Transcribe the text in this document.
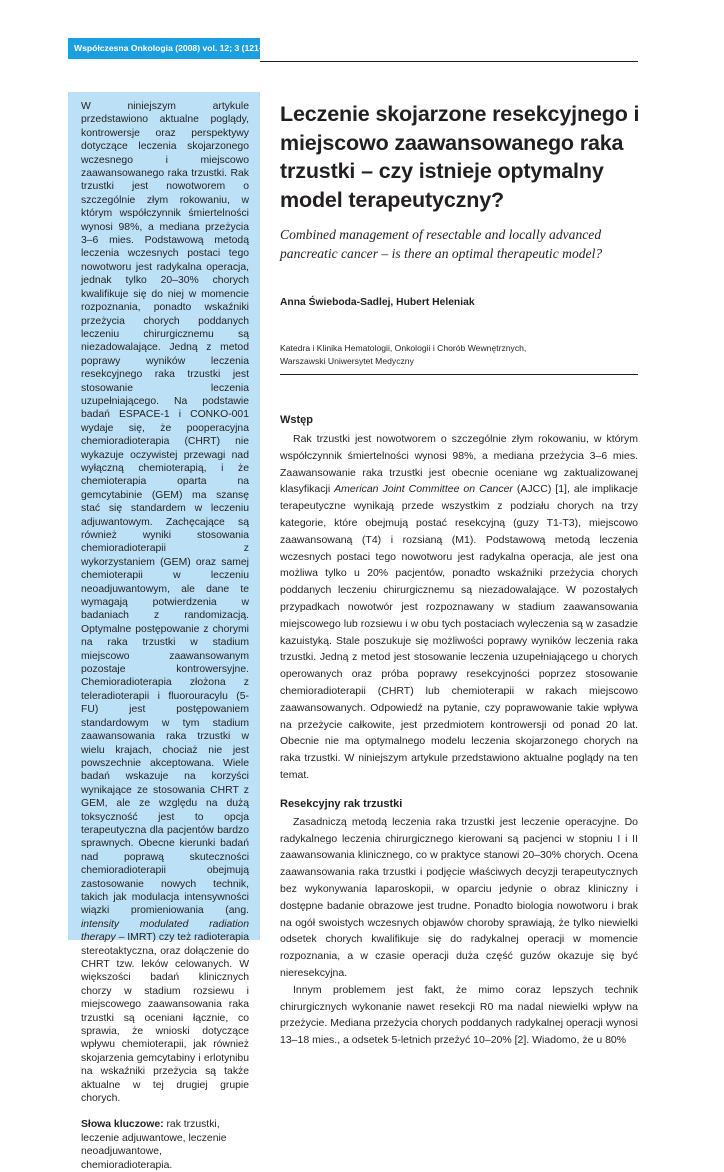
Współczesna Onkologia (2008) vol. 12; 3 (121–127)

W niniejszym artykule przedstawiono aktualne poglądy, kontrowersje oraz perspektywy dotyczące leczenia skojarzonego wczesnego i miejscowo zaawansowanego raka trzustki. Rak trzustki jest nowotworem o szczególnie złym rokowaniu, w którym współczynnik śmiertelności wynosi 98%, a mediana przeżycia 3–6 mies. Podstawową metodą leczenia wczesnych postaci tego nowotworu jest radykalna operacja, jednak tylko 20–30% chorych kwalifikuje się do niej w momencie rozpoznania, ponadto wskaźniki przeżycia chorych poddanych leczeniu chirurgicznemu są niezadowalające. Jedną z metod poprawy wyników leczenia resekcyjnego raka trzustki jest stosowanie leczenia uzupełniającego. Na podstawie badań ESPACE-1 i CONKO-001 wydaje się, że pooperacyjna chemioradioterapia (CHRT) nie wykazuje oczywistej przewagi nad wyłączną chemioterapią, i że chemioterapia oparta na gemcytabinie (GEM) ma szansę stać się standardem w leczeniu adjuwantowym. Zachęcające są również wyniki stosowania chemioradioterapii z wykorzystaniem (GEM) oraz samej chemioterapii w leczeniu neoadjuwantowym, ale dane te wymagają potwierdzenia w badaniach z randomizacją. Optymalne postępowanie z chorymi na raka trzustki w stadium miejscowo zaawansowanym pozostaje kontrowersyjne. Chemioradioterapia złożona z teleradioterapii i fluorouracylu (5-FU) jest postępowaniem standardowym w tym stadium zaawansowania raka trzustki w wielu krajach, chociaż nie jest powszechnie akceptowana. Wiele badań wskazuje na korzyści wynikające ze stosowania CHRT z GEM, ale ze względu na dużą toksyczność jest to opcja terapeutyczna dla pacjentów bardzo sprawnych. Obecne kierunki badań nad poprawą skuteczności chemioradioterapii obejmują zastosowanie nowych technik, takich jak modulacja intensywności wiązki promieniowania (ang. intensity modulated radiation therapy – IMRT) czy też radioterapia stereotaktyczna, oraz dołączenie do CHRT tzw. leków celowanych. W większości badań klinicznych chorzy w stadium rozsiewu i miejscowego zaawansowania raka trzustki są oceniani łącznie, co sprawia, że wnioski dotyczące wpływu chemioterapii, jak również skojarzenia gemcytabiny i erlotynibu na wskaźniki przeżycia są także aktualne w tej drugiej grupie chorych.

Słowa kluczowe: rak trzustki, leczenie adjuwantowe, leczenie neoadjuwantowe, chemioradioterapia.

Leczenie skojarzone resekcyjnego i miejscowo zaawansowanego raka trzustki – czy istnieje optymalny model terapeutyczny?
Combined management of resectable and locally advanced pancreatic cancer – is there an optimal therapeutic model?
Anna Świeboda-Sadlej, Hubert Heleniak
Katedra i Klinika Hematologii, Onkologii i Chorób Wewnętrznych,
Warszawski Uniwersytet Medyczny
Wstęp

Rak trzustki jest nowotworem o szczególnie złym rokowaniu, w którym współczynnik śmiertelności wynosi 98%, a mediana przeżycia 3–6 mies. Zaawansowanie raka trzustki jest obecnie oceniane wg zaktualizowanej klasyfikacji American Joint Committee on Cancer (AJCC) [1], ale implikacje terapeutyczne wynikają przede wszystkim z podziału chorych na trzy kategorie, które obejmują postać resekcyjną (guzy T1-T3), miejscowo zaawansowaną (T4) i rozsianą (M1). Podstawową metodą leczenia wczesnych postaci tego nowotworu jest radykalna operacja, ale jest ona możliwa tylko u 20% pacjentów, ponadto wskaźniki przeżycia chorych poddanych leczeniu chirurgicznemu są niezadowalające. W pozostałych przypadkach nowotwór jest rozpoznawany w stadium zaawansowania miejscowego lub rozsiewu i w obu tych postaciach wyleczenia są w zasadzie kazuistyką. Stale poszukuje się możliwości poprawy wyników leczenia raka trzustki. Jedną z metod jest stosowanie leczenia uzupełniającego u chorych operowanych oraz próba poprawy resekcyjności poprzez stosowanie chemioradioterapii (CHRT) lub chemioterapii w rakach miejscowo zaawansowanych. Odpowiedź na pytanie, czy poprawowanie takie wpływa na przeżycie całkowite, jest przedmiotem kontrowersji od ponad 20 lat. Obecnie nie ma optymalnego modelu leczenia skojarzonego chorych na raka trzustki. W niniejszym artykule przedstawiono aktualne poglądy na ten temat.

Resekcyjny rak trzustki

Zasadniczą metodą leczenia raka trzustki jest leczenie operacyjne. Do radykalnego leczenia chirurgicznego kierowani są pacjenci w stopniu I i II zaawansowania klinicznego, co w praktyce stanowi 20–30% chorych. Ocena zaawansowania raka trzustki i podjęcie właściwych decyzji terapeutycznych bez wykonywania laparoskopii, w oparciu jedynie o obraz kliniczny i dostępne badanie obrazowe jest trudne. Ponadto biologia nowotworu i brak na ogół swoistych wczesnych objawów choroby sprawiają, że tylko niewielki odsetek chorych kwalifikuje się do radykalnej operacji w momencie rozpoznania, a w czasie operacji duża część guzów okazuje się być nieresekcyjna.

Innym problemem jest fakt, że mimo coraz lepszych technik chirurgicznych wykonanie nawet resekcji R0 ma nadal niewielki wpływ na przeżycie. Mediana przeżycia chorych poddanych radykalnej operacji wynosi 13–18 mies., a odsetek 5-letnich przeżyć 10–20% [2]. Wiadomo, że u 80%
